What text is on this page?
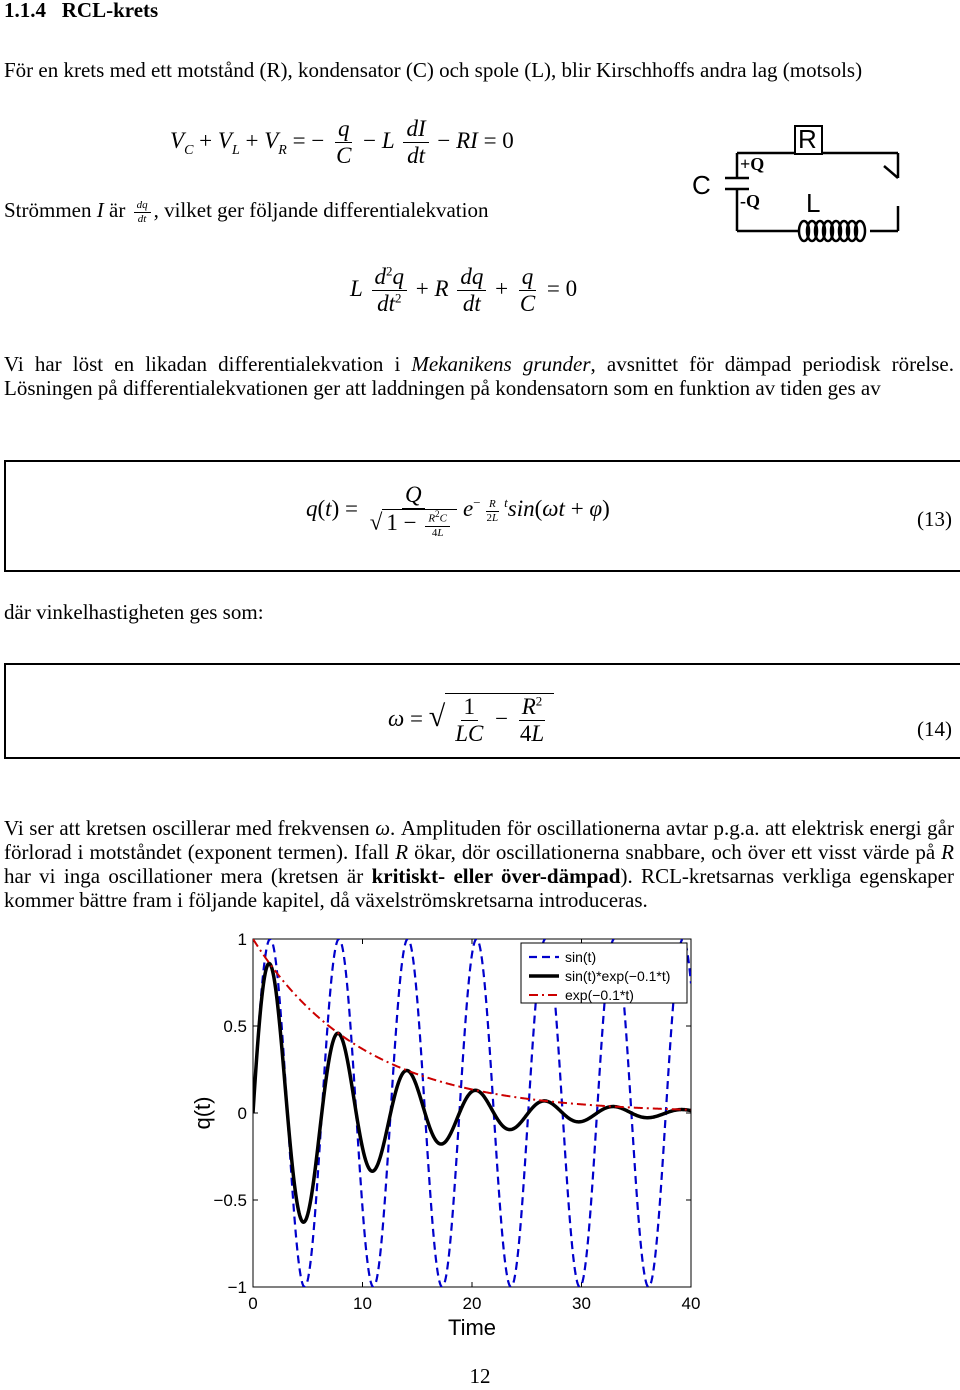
1.1.4 RCL-krets
För en krets med ett motstånd (R), kondensator (C) och spole (L), blir Kirschhoffs andra lag (motsols)
$V_C + V_L + V_R$ = − $\frac{q}{C} - L \frac{dI}{dt}$ − RI = 0
Strömmen I är $\frac{dq}{dt}$ , vilket ger följande differentialekvation
C
+Q
-Q
R
L
L $\frac{d^2q}{dt^2} + R \frac{dq}{dt} + \frac{q}{C} = 0$
Vi har löst en likadan differentialekvation i Mekanikens grunder, avsnittet för dämpad periodisk rörelse. Lösningen på differentialekvationen ger att laddningen på kondensatorn som en funktion av tiden ges av
$q(t) = \frac{Q}{√ 1 - \frac{R^2C}{4L}} e^{- \frac{R}{2L} t}\sin(\omega t + \varphi)$	(13)
där vinkelhastigheten ges som:
ω = √ $\frac{1}{LC} - \frac{R^2}{4L}$	(14)
Vi ser att kretsen oscillerar med frekvensen ω. Amplituden för oscillationerna avtar p.g.a. att elektrisk energi går förlorad i motståndet (exponent termen). Ifall R ökar, dör oscillationerna snabbare, och över ett visst värde på R har vi inga oscillationer mera (kretsen är kritiskt- eller över-dämpad). RCL-kretsarnas verkliga egenskaper kommer bättre fram i följande kapitel, då växelströmskretsarna introduceras.
0	10	20	30	40
1
0.5
0
−0.5
−1
Time
q(t)
sin(t)
sin(t)*exp(−0.1*t)
exp(−0.1*t)
12
